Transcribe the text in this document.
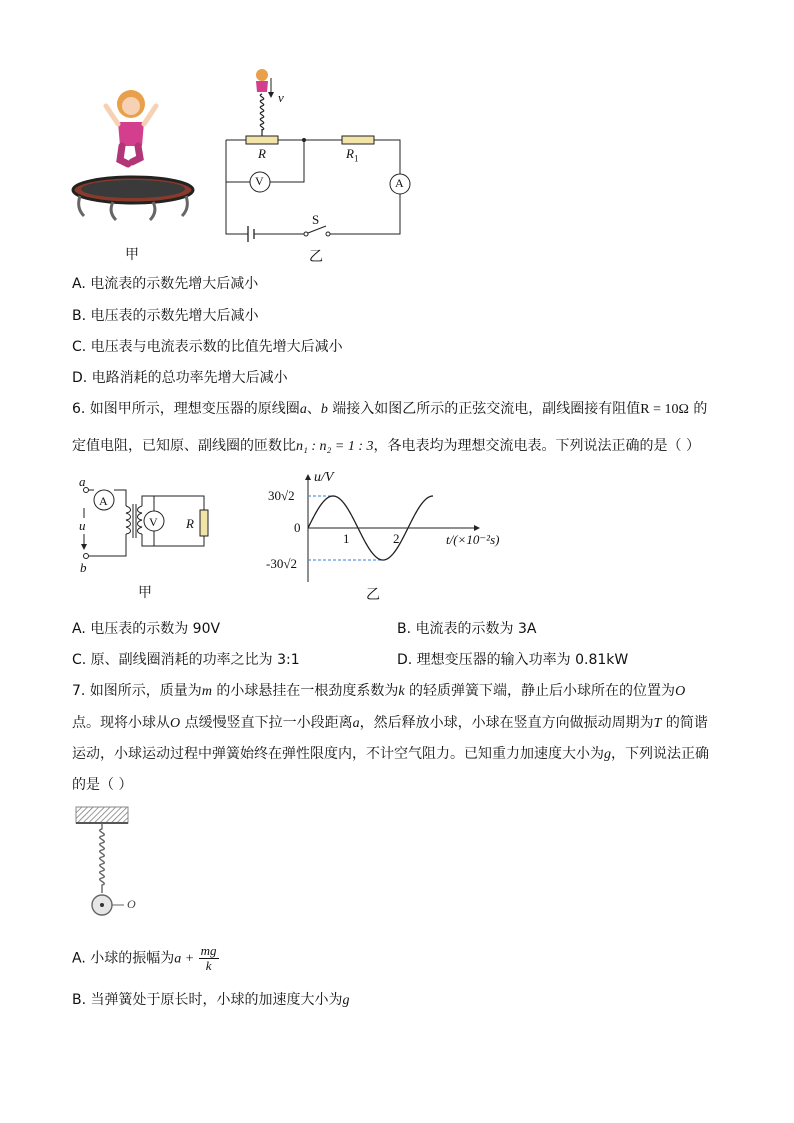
甲
v
R	$R_1$
V	A
S
乙
A. 电流表的示数先增大后减小
B. 电压表的示数先增大后减小
C. 电压表与电流表示数的比值先增大后减小
D. 电路消耗的总功率先增大后减小
6. 如图甲所示，理想变压器的原线圈a、b 端接入如图乙所示的正弦交流电，副线圈接有阻值R = 10Ω 的
定值电阻，已知原、副线圈的匝数比n₁ : n₂ = 1 : 3，各电表均为理想交流电表。下列说法正确的是（ ）
a
u
b
A
V R
甲
u/V
30√2
0
-30√2
1	2	t/(×10⁻²s)
乙
A. 电压表的示数为 90V	B. 电流表的示数为 3A
C. 原、副线圈消耗的功率之比为 3:1	D. 理想变压器的输入功率为 0.81kW
7. 如图所示，质量为m 的小球悬挂在一根劲度系数为k 的轻质弹簧下端，静止后小球所在的位置为O
点。现将小球从O 点缓慢竖直下拉一小段距离a，然后释放小球，小球在竖直方向做振动周期为T 的简谐
运动，小球运动过程中弹簧始终在弹性限度内，不计空气阻力。已知重力加速度大小为g，下列说法正确
的是（ ）
O
A. 小球的振幅为$a + \frac{mg}{k}$
B. 当弹簧处于原长时，小球的加速度大小为g
